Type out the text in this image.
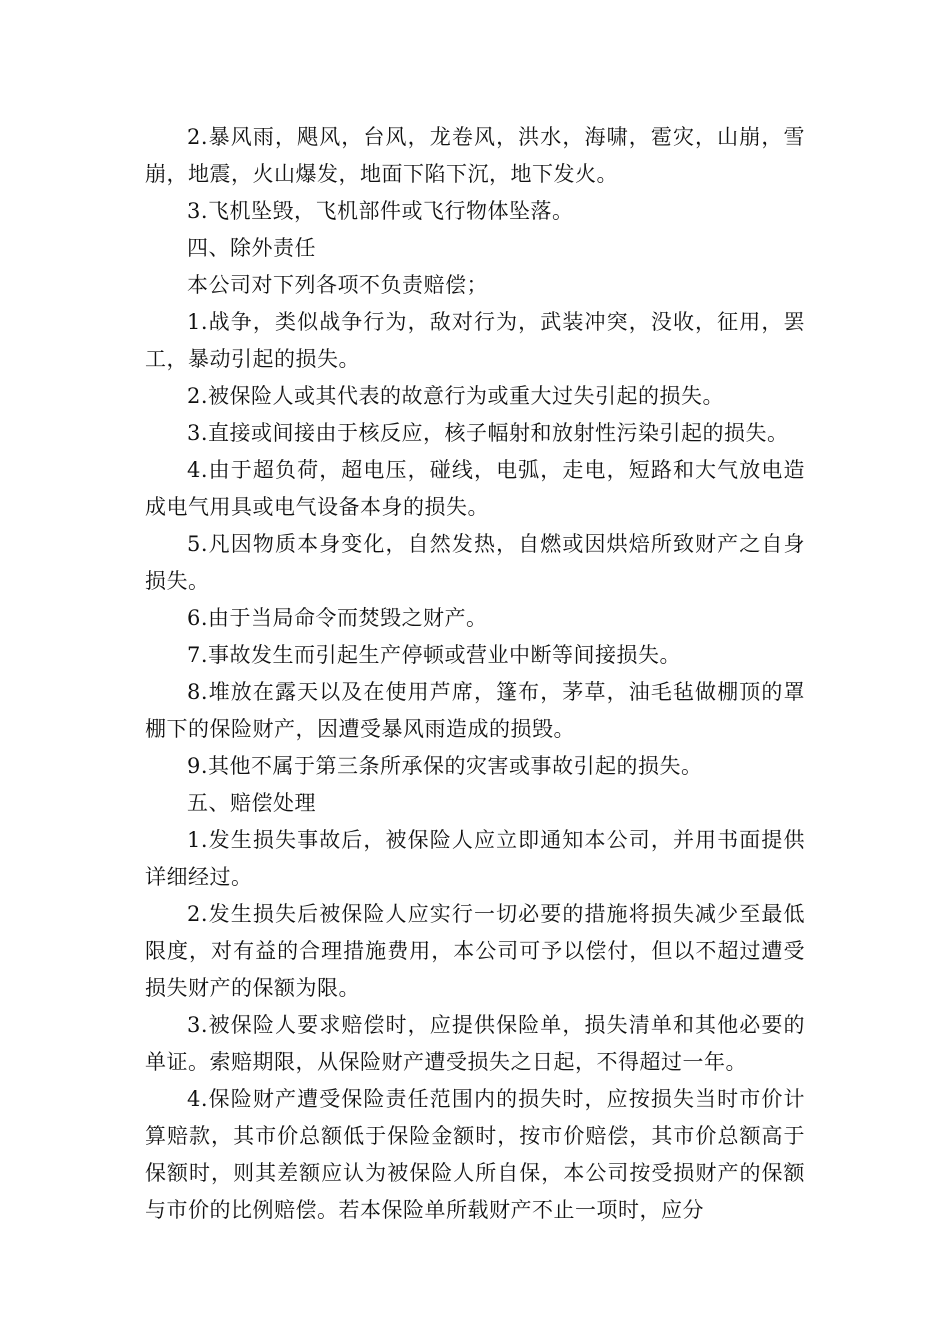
2.暴风雨，飓风，台风，龙卷风，洪水，海啸，雹灾，山崩，雪崩，地震，火山爆发，地面下陷下沉，地下发火。

3.飞机坠毁，飞机部件或飞行物体坠落。

四、除外责任

本公司对下列各项不负责赔偿；

1.战争，类似战争行为，敌对行为，武装冲突，没收，征用，罢工，暴动引起的损失。

2.被保险人或其代表的故意行为或重大过失引起的损失。

3.直接或间接由于核反应，核子幅射和放射性污染引起的损失。

4.由于超负荷，超电压，碰线，电弧，走电，短路和大气放电造成电气用具或电气设备本身的损失。

5.凡因物质本身变化，自然发热，自燃或因烘焙所致财产之自身损失。

6.由于当局命令而焚毁之财产。

7.事故发生而引起生产停顿或营业中断等间接损失。

8.堆放在露天以及在使用芦席，篷布，茅草，油毛毡做棚顶的罩棚下的保险财产，因遭受暴风雨造成的损毁。

9.其他不属于第三条所承保的灾害或事故引起的损失。

五、赔偿处理

1.发生损失事故后，被保险人应立即通知本公司，并用书面提供详细经过。

2.发生损失后被保险人应实行一切必要的措施将损失减少至最低限度，对有益的合理措施费用，本公司可予以偿付，但以不超过遭受损失财产的保额为限。

3.被保险人要求赔偿时，应提供保险单，损失清单和其他必要的单证。索赔期限，从保险财产遭受损失之日起，不得超过一年。

4.保险财产遭受保险责任范围内的损失时，应按损失当时市价计算赔款，其市价总额低于保险金额时，按市价赔偿，其市价总额高于保额时，则其差额应认为被保险人所自保，本公司按受损财产的保额与市价的比例赔偿。若本保险单所载财产不止一项时，应分
